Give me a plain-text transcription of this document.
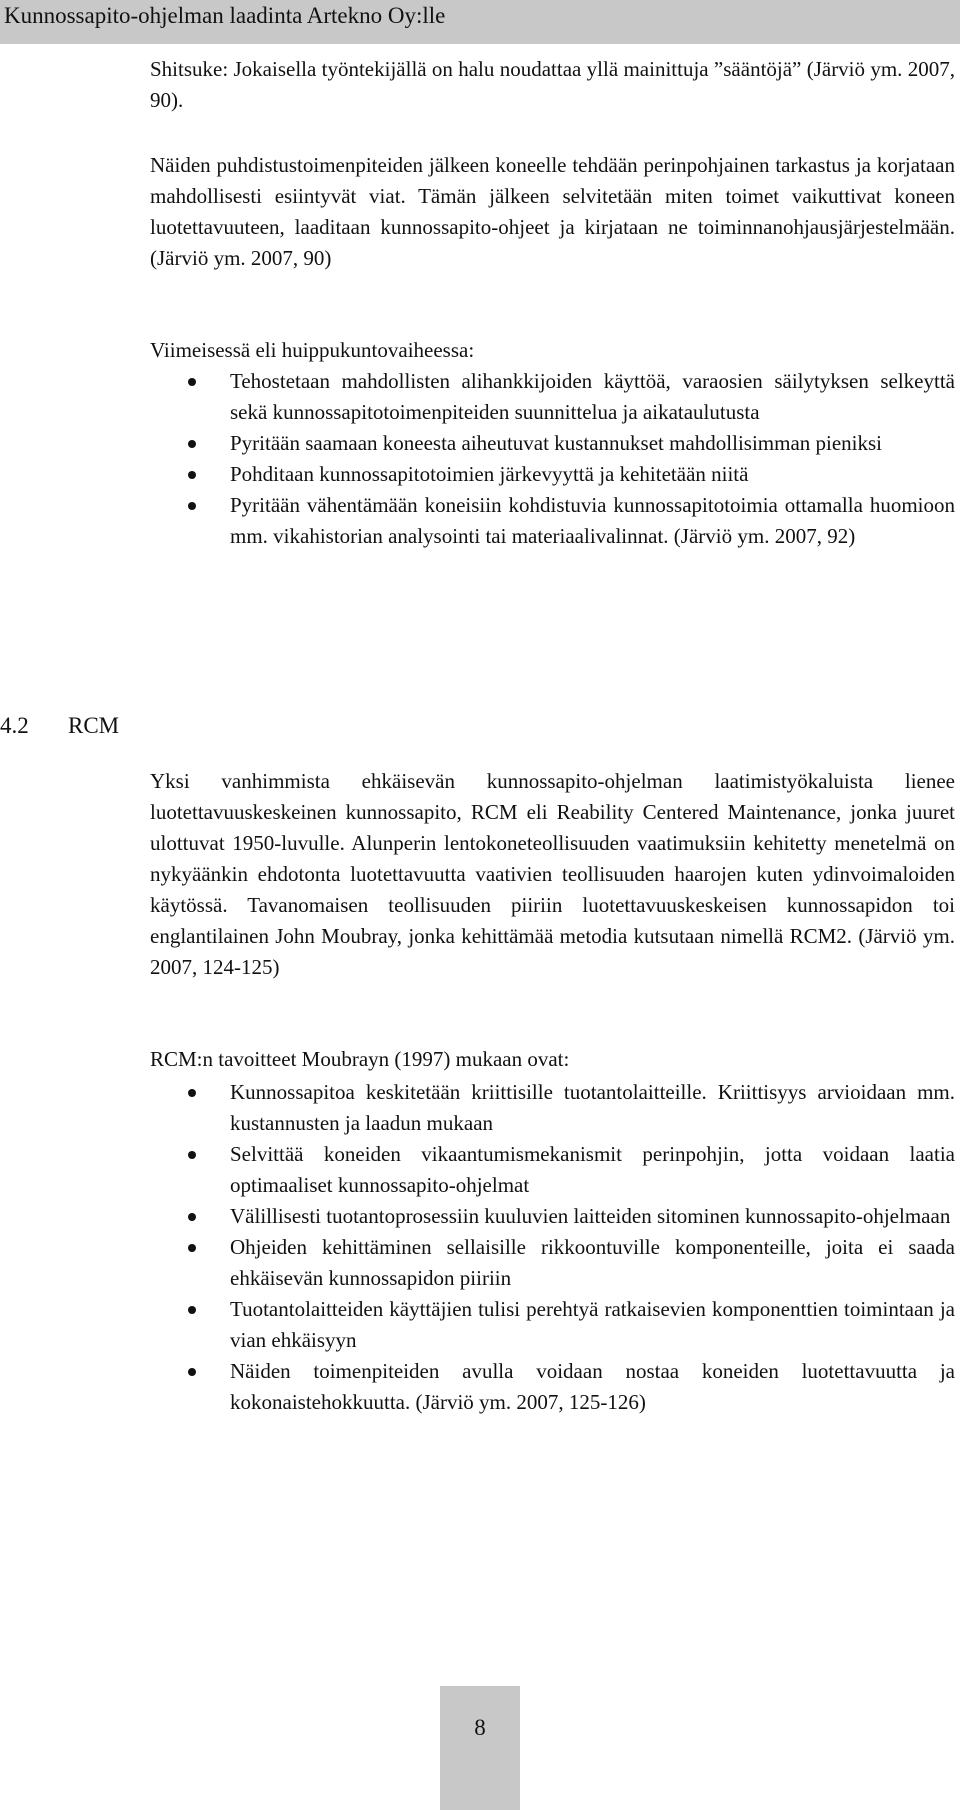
Kunnossapito-ohjelman laadinta Artekno Oy:lle

Shitsuke: Jokaisella työntekijällä on halu noudattaa yllä mainittuja ”sääntöjä” (Järviö ym. 2007, 90).

Näiden puhdistustoimenpiteiden jälkeen koneelle tehdään perinpohjainen tarkastus ja korjataan mahdollisesti esiintyvät viat. Tämän jälkeen selvitetään miten toimet vaikuttivat koneen luotettavuuteen, laaditaan kunnossapito-ohjeet ja kirjataan ne toiminnanohjausjärjestelmään. (Järviö ym. 2007, 90)

Viimeisessä eli huippukuntovaiheessa:

Tehostetaan mahdollisten alihankkijoiden käyttöä, varaosien säilytyksen selkeyttä sekä kunnossapitotoimenpiteiden suunnittelua ja aikataulutusta
Pyritään saamaan koneesta aiheutuvat kustannukset mahdollisimman pieniksi
Pohditaan kunnossapitotoimien järkevyyttä ja kehitetään niitä
Pyritään vähentämään koneisiin kohdistuvia kunnossapitotoimia ottamalla huomioon mm. vikahistorian analysointi tai materiaalivalinnat. (Järviö ym. 2007, 92)
4.2 RCM

Yksi vanhimmista ehkäisevän kunnossapito-ohjelman laatimistyökaluista lienee luotettavuuskeskeinen kunnossapito, RCM eli Reability Centered Maintenance, jonka juuret ulottuvat 1950-luvulle. Alunperin lentokoneteollisuuden vaatimuksiin kehitetty menetelmä on nykyäänkin ehdotonta luotettavuutta vaativien teollisuuden haarojen kuten ydinvoimaloiden käytössä. Tavanomaisen teollisuuden piiriin luotettavuuskeskeisen kunnossapidon toi englantilainen John Moubray, jonka kehittämää metodia kutsutaan nimellä RCM2. (Järviö ym. 2007, 124-125)

RCM:n tavoitteet Moubrayn (1997) mukaan ovat:

Kunnossapitoa keskitetään kriittisille tuotantolaitteille. Kriittisyys arvioidaan mm. kustannusten ja laadun mukaan
Selvittää koneiden vikaantumismekanismit perinpohjin, jotta voidaan laatia optimaaliset kunnossapito-ohjelmat
Välillisesti tuotantoprosessiin kuuluvien laitteiden sitominen kunnossapito-ohjelmaan
Ohjeiden kehittäminen sellaisille rikkoontuville komponenteille, joita ei saada ehkäisevän kunnossapidon piiriin
Tuotantolaitteiden käyttäjien tulisi perehtyä ratkaisevien komponenttien toimintaan ja vian ehkäisyyn
Näiden toimenpiteiden avulla voidaan nostaa koneiden luotettavuutta ja kokonaistehokkuutta. (Järviö ym. 2007, 125-126)
8
